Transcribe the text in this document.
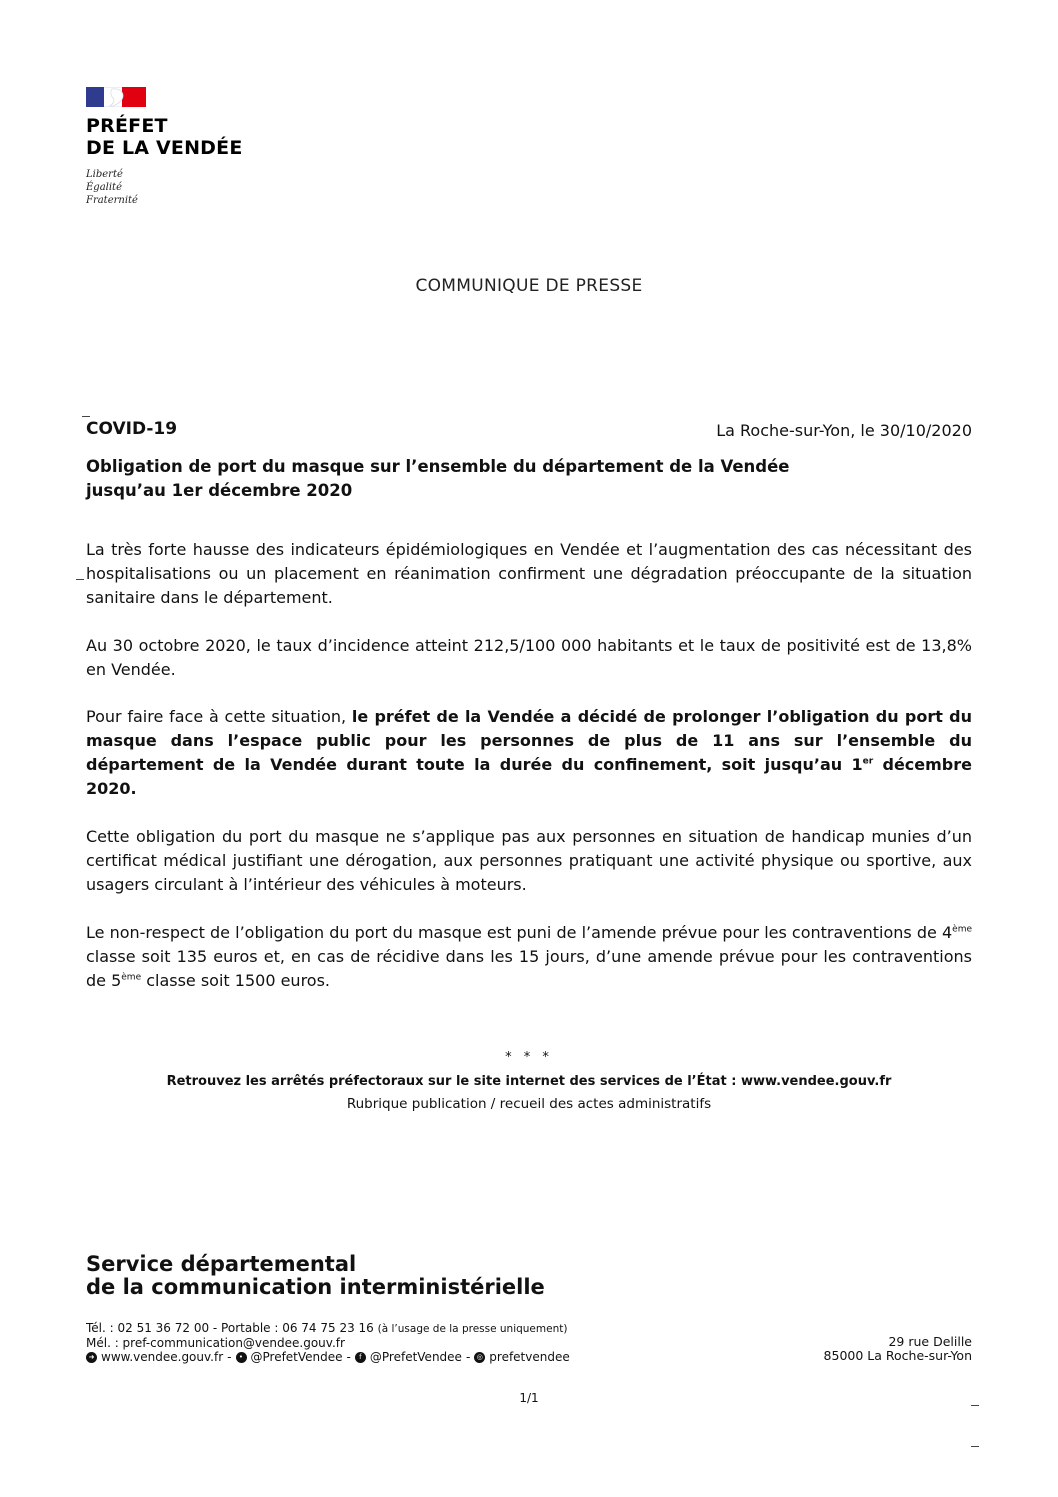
PRÉFET
DE LA VENDÉE
Liberté
Égalité
Fraternité
COMMUNIQUE DE PRESSE
COVID-19	La Roche-sur-Yon, le 30/10/2020
Obligation de port du masque sur l’ensemble du département de la Vendée
jusqu’au 1er décembre 2020
La très forte hausse des indicateurs épidémiologiques en Vendée et l’augmentation des cas nécessitant des hospitalisations ou un placement en réanimation confirment une dégradation préoccupante de la situation sanitaire dans le département.
Au 30 octobre 2020, le taux d’incidence atteint 212,5/100 000 habitants et le taux de positivité est de 13,8% en Vendée.
Pour faire face à cette situation, le préfet de la Vendée a décidé de prolonger l’obligation du port du masque dans l’espace public pour les personnes de plus de 11 ans sur l’ensemble du département de la Vendée durant toute la durée du confinement, soit jusqu’au 1er décembre 2020.
Cette obligation du port du masque ne s’applique pas aux personnes en situation de handicap munies d’un certificat médical justifiant une dérogation, aux personnes pratiquant une activité physique ou sportive, aux usagers circulant à l’intérieur des véhicules à moteurs.
Le non-respect de l’obligation du port du masque est puni de l’amende prévue pour les contraventions de 4ème classe soit 135 euros et, en cas de récidive dans les 15 jours, d’une amende prévue pour les contraventions de 5ème classe soit 1500 euros.
* * *
Retrouvez les arrêtés préfectoraux sur le site internet des services de l’État : www.vendee.gouv.fr
Rubrique publication / recueil des actes administratifs
Service départemental
de la communication interministérielle
Tél. : 02 51 36 72 00 - Portable : 06 74 75 23 16 (à l’usage de la presse uniquement)
Mél. : pref-communication@vendee.gouv.fr
➜ www.vendee.gouv.fr -	• @PrefetVendee -	f @PrefetVendee - ◎ prefetvendee
29 rue Delille
85000 La Roche-sur-Yon
1/1
